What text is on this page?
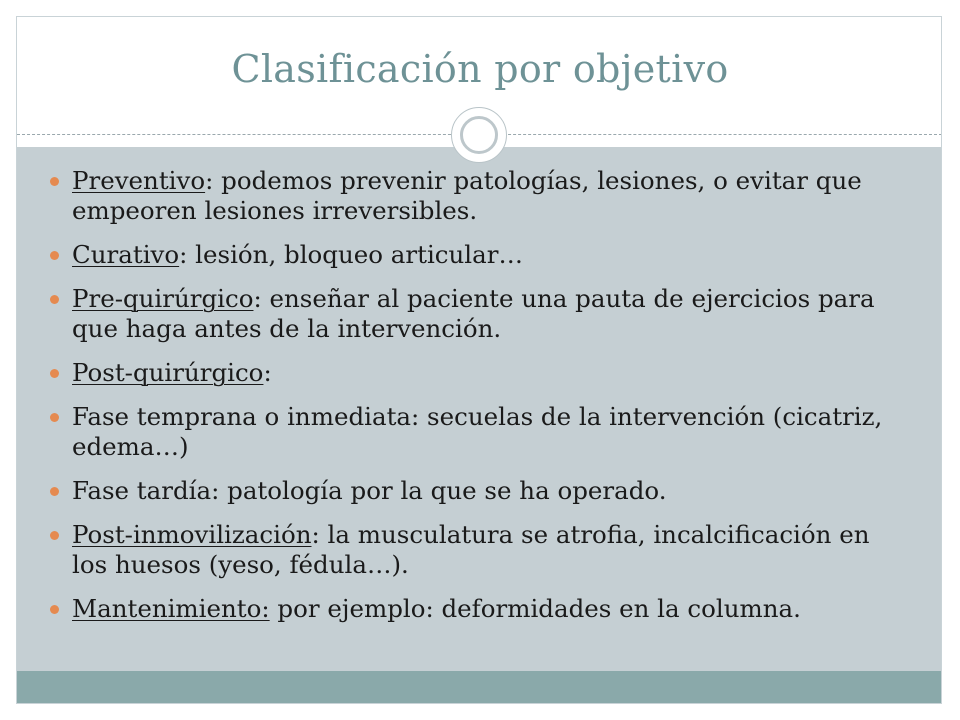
Clasificación por objetivo
Preventivo: podemos prevenir patologías, lesiones, o evitar que empeoren lesiones irreversibles.
Curativo: lesión, bloqueo articular…
Pre-quirúrgico: enseñar al paciente una pauta de ejercicios para que haga antes de la intervención.
Post-quirúrgico:
Fase temprana o inmediata: secuelas de la intervención (cicatriz, edema…)
Fase tardía: patología por la que se ha operado.
Post-inmovilización: la musculatura se atrofia, incalcificación en los huesos (yeso, fédula…).
Mantenimiento: por ejemplo: deformidades en la columna.
